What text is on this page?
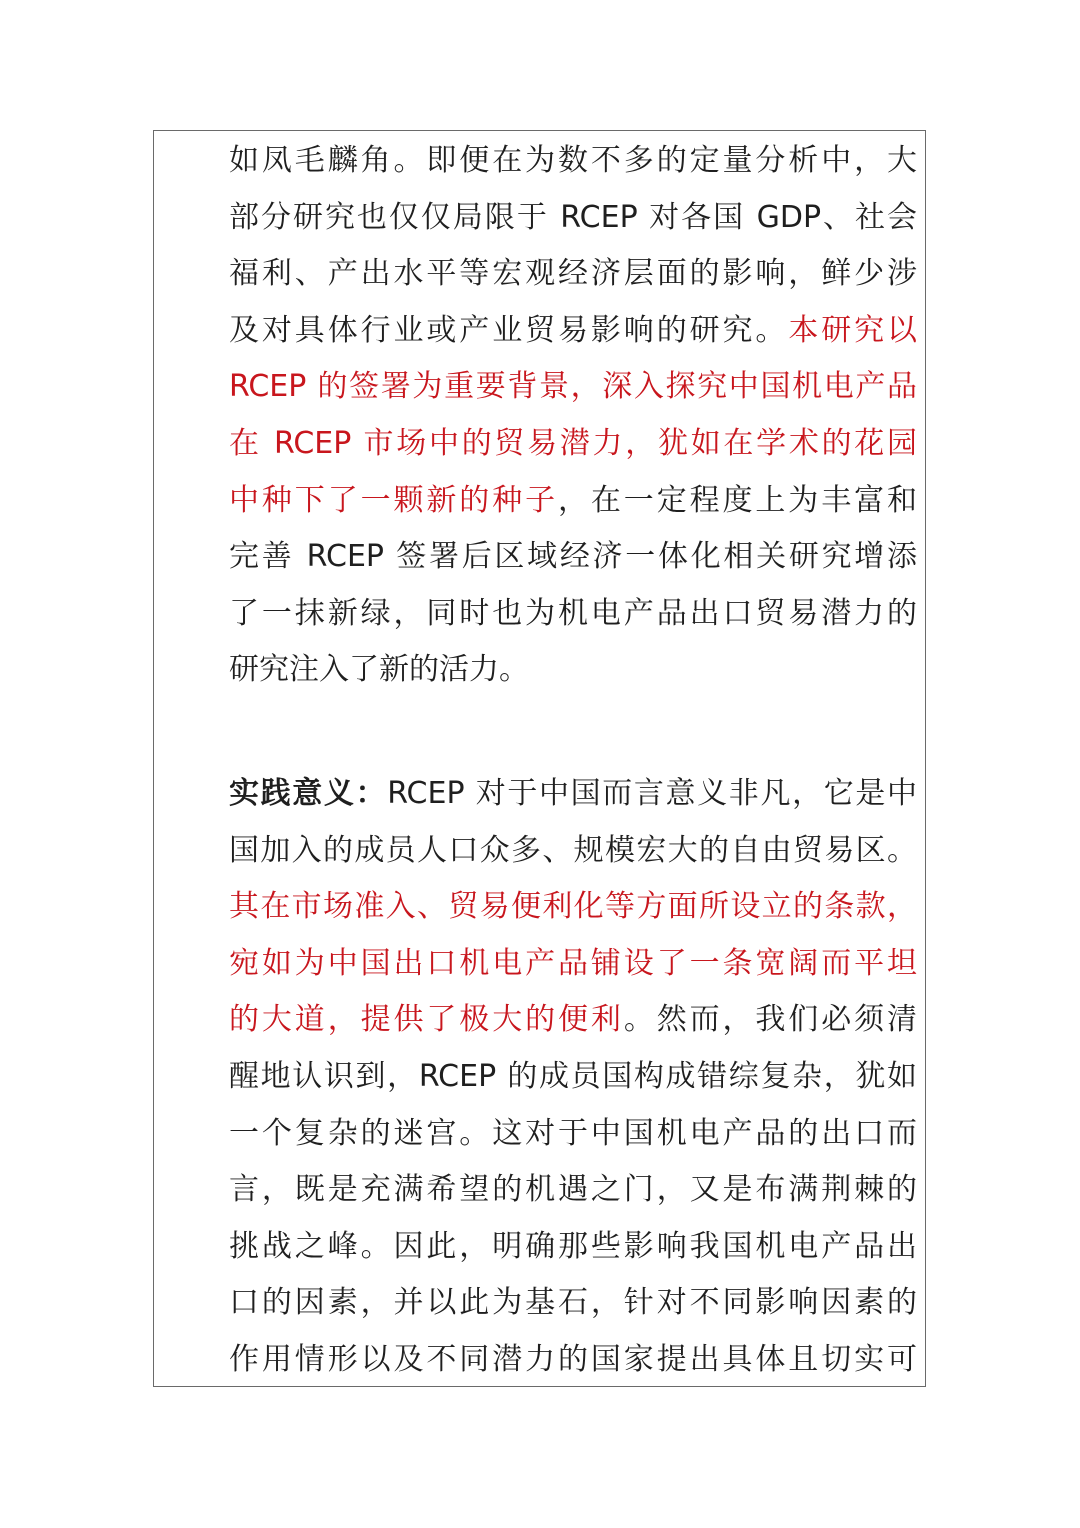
如凤毛麟角。即便在为数不多的定量分析中，大
部分研究也仅仅局限于 RCEP 对各国 GDP、社会
福利、产出水平等宏观经济层面的影响，鲜少涉
及对具体行业或产业贸易影响的研究。本研究以
RCEP 的签署为重要背景，深入探究中国机电产品
在 RCEP 市场中的贸易潜力，犹如在学术的花园
中种下了一颗新的种子，在一定程度上为丰富和
完善 RCEP 签署后区域经济一体化相关研究增添
了一抹新绿，同时也为机电产品出口贸易潜力的
研究注入了新的活力。
实践意义：RCEP 对于中国而言意义非凡，它是中
国加入的成员人口众多、规模宏大的自由贸易区。
其在市场准入、贸易便利化等方面所设立的条款，
宛如为中国出口机电产品铺设了一条宽阔而平坦
的大道，提供了极大的便利。然而，我们必须清
醒地认识到，RCEP 的成员国构成错综复杂，犹如
一个复杂的迷宫。这对于中国机电产品的出口而
言，既是充满希望的机遇之门，又是布满荆棘的
挑战之峰。因此，明确那些影响我国机电产品出
口的因素，并以此为基石，针对不同影响因素的
作用情形以及不同潜力的国家提出具体且切实可
